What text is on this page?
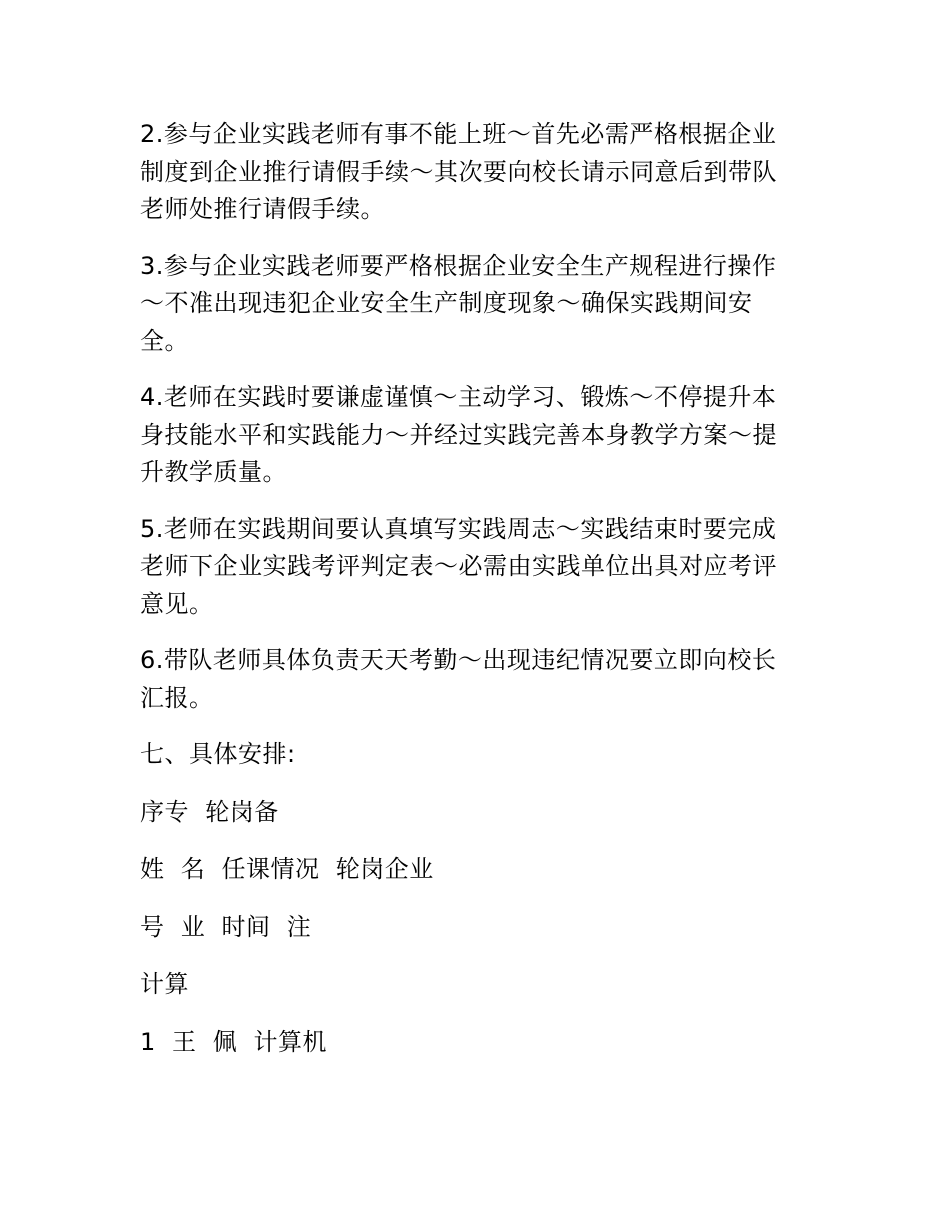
2.参与企业实践老师有事不能上班～首先必需严格根据企业制度到企业推行请假手续～其次要向校长请示同意后到带队老师处推行请假手续。

3.参与企业实践老师要严格根据企业安全生产规程进行操作～不准出现违犯企业安全生产制度现象～确保实践期间安全。

4.老师在实践时要谦虚谨慎～主动学习、锻炼～不停提升本身技能水平和实践能力～并经过实践完善本身教学方案～提升教学质量。

5.老师在实践期间要认真填写实践周志～实践结束时要完成老师下企业实践考评判定表～必需由实践单位出具对应考评意见。

6.带队老师具体负责天天考勤～出现违纪情况要立即向校长汇报。

七、具体安排:

序专  轮岗备

姓  名  任课情况  轮岗企业

号  业  时间  注

计算

1  王  佩  计算机
